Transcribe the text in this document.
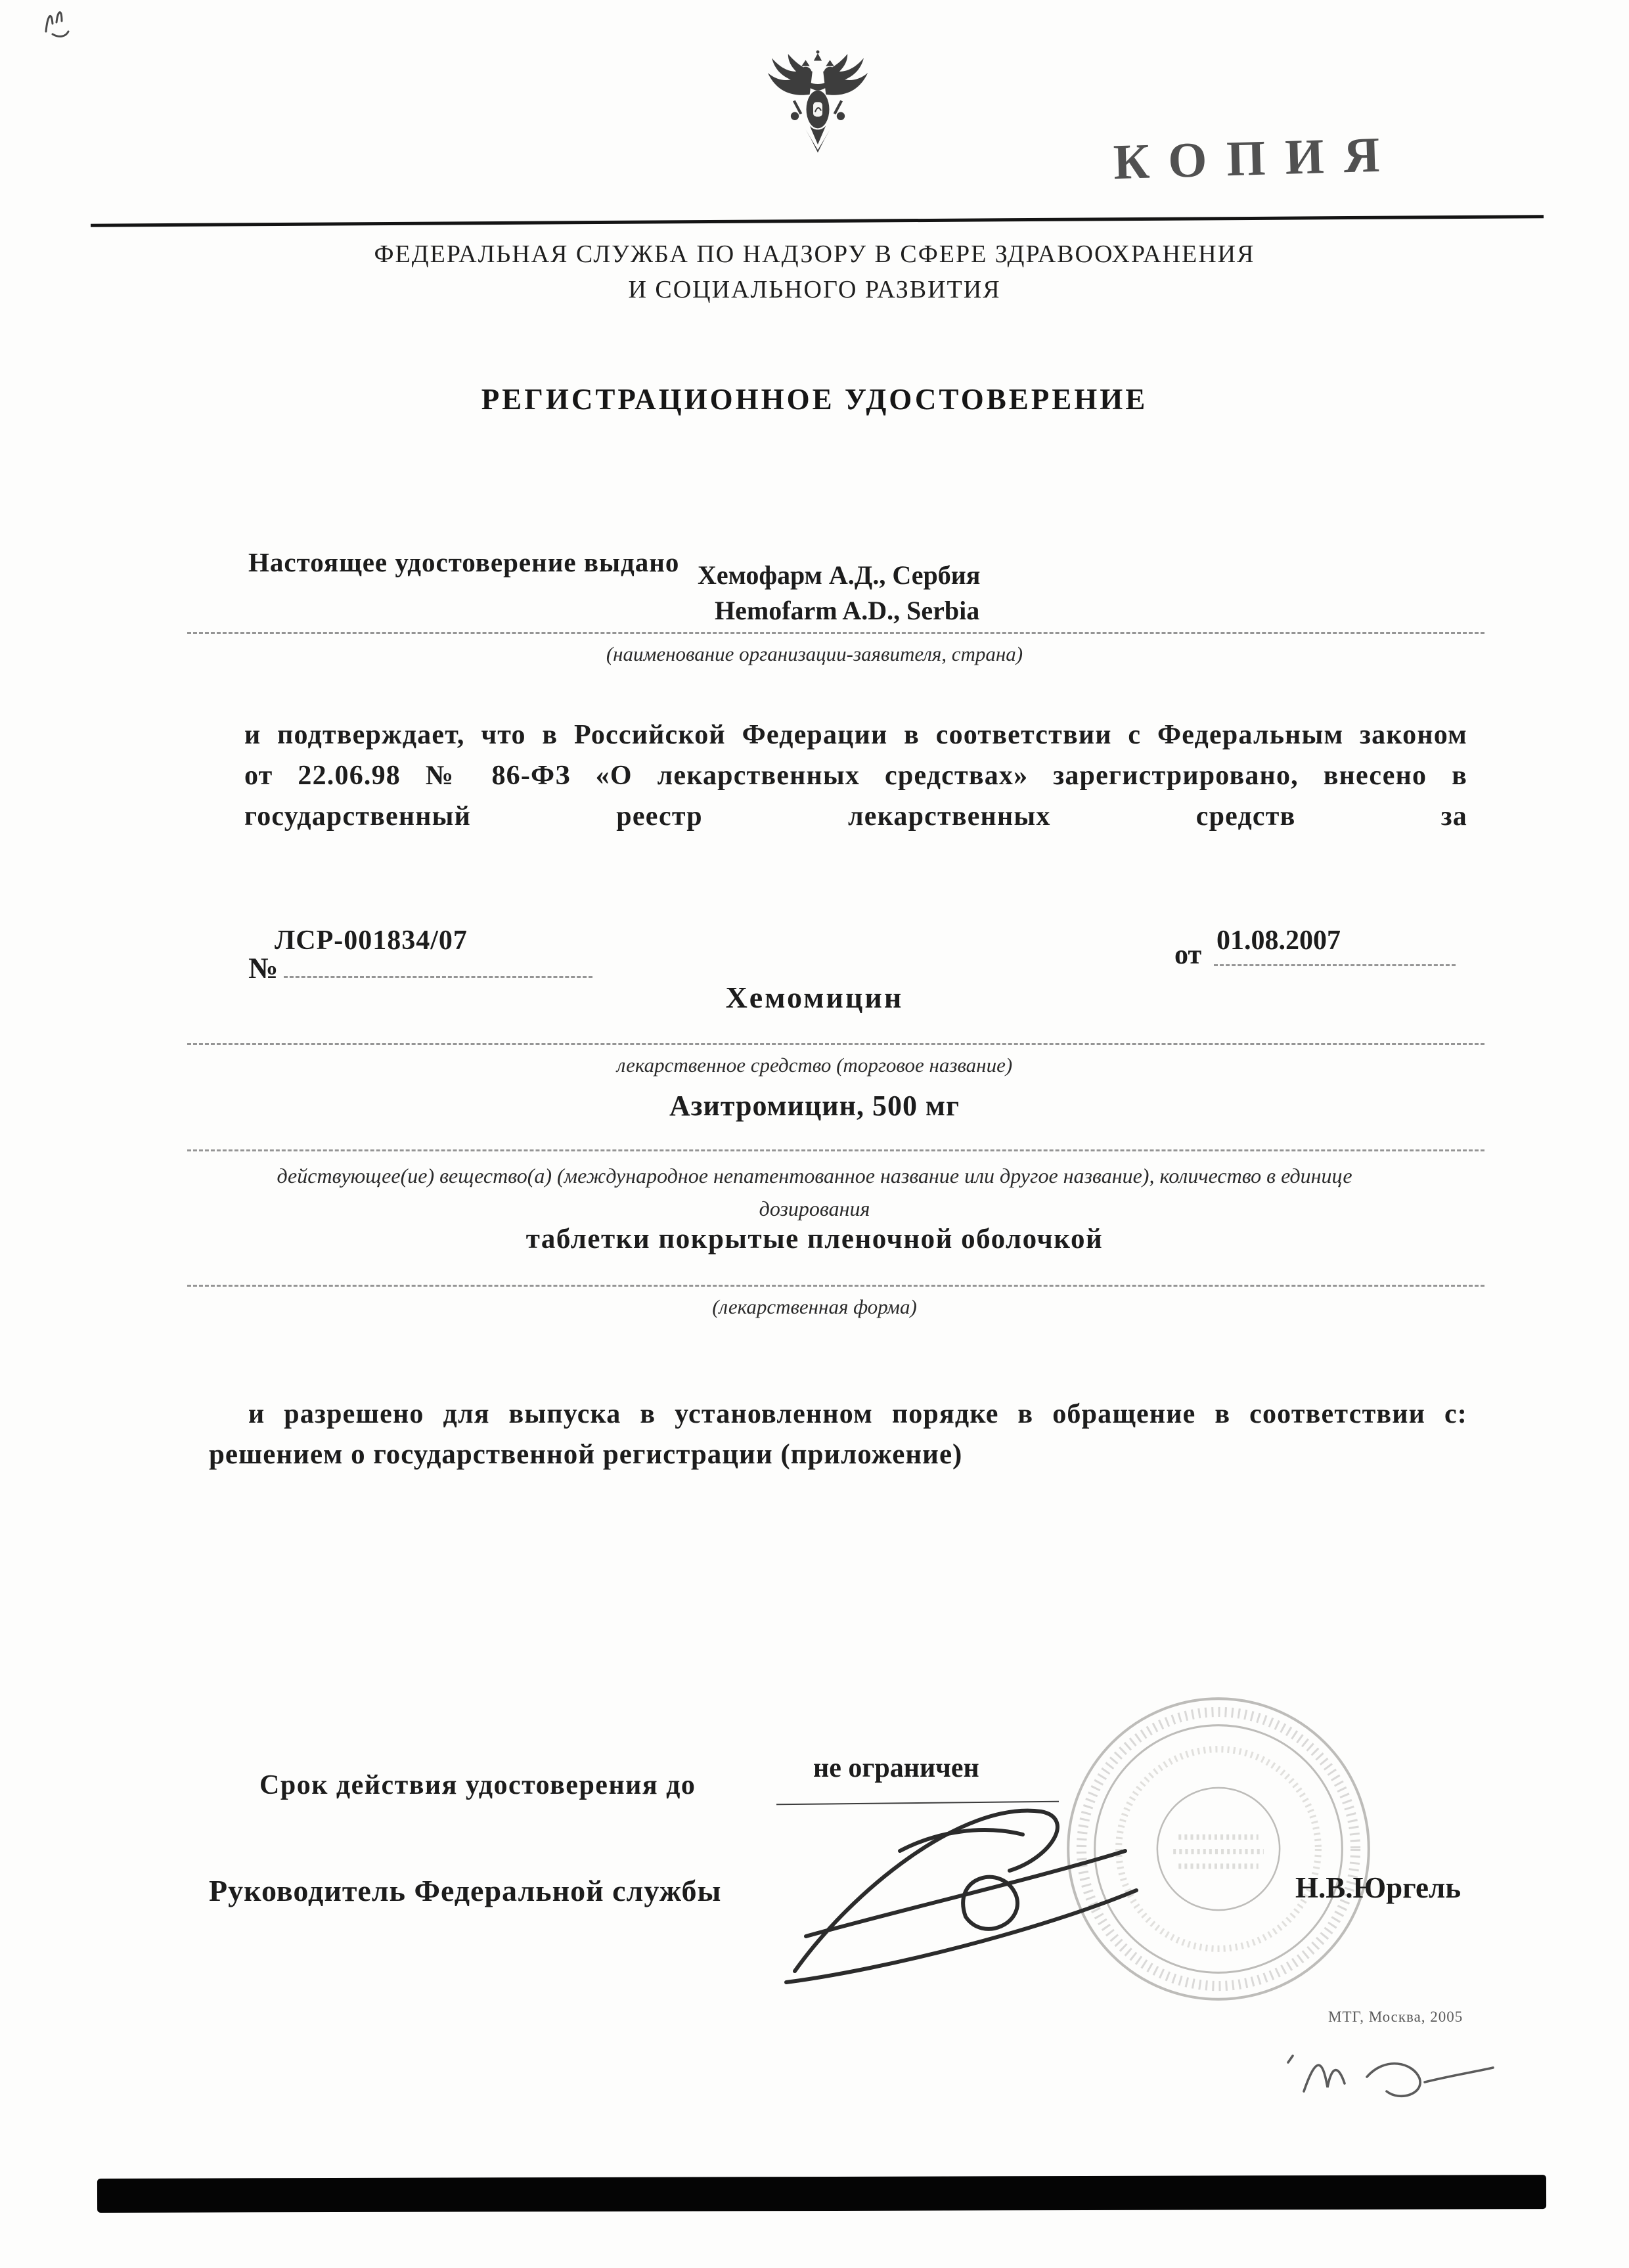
КОПИЯ
ФЕДЕРАЛЬНАЯ СЛУЖБА ПО НАДЗОРУ В СФЕРЕ ЗДРАВООХРАНЕНИЯ
И СОЦИАЛЬНОГО РАЗВИТИЯ
РЕГИСТРАЦИОННОЕ УДОСТОВЕРЕНИЕ
Настоящее удостоверение выдано Хемофарм А.Д., Сербия
Hemofarm A.D., Serbia
(наименование организации-заявителя, страна)
и подтверждает, что в Российской Федерации в соответствии с Федеральным законом от 22.06.98 № 86-ФЗ «О лекарственных средствах» зарегистрировано, внесено в государственный реестр лекарственных средств за
ЛСР-001834/07
№	от 01.08.2007
Хемомицин
лекарственное средство (торговое название)
Азитромицин, 500 мг
действующее(ие) вещество(а) (международное непатентованное название или другое название), количество в единице дозирования
таблетки покрытые пленочной оболочкой
(лекарственная форма)
и разрешено для выпуска в установленном порядке в обращение в соответствии с:
решением о государственной регистрации (приложение)
Срок действия удостоверения до
не ограничен
Руководитель Федеральной службы	Н.В.Юргель
МТГ, Москва, 2005
